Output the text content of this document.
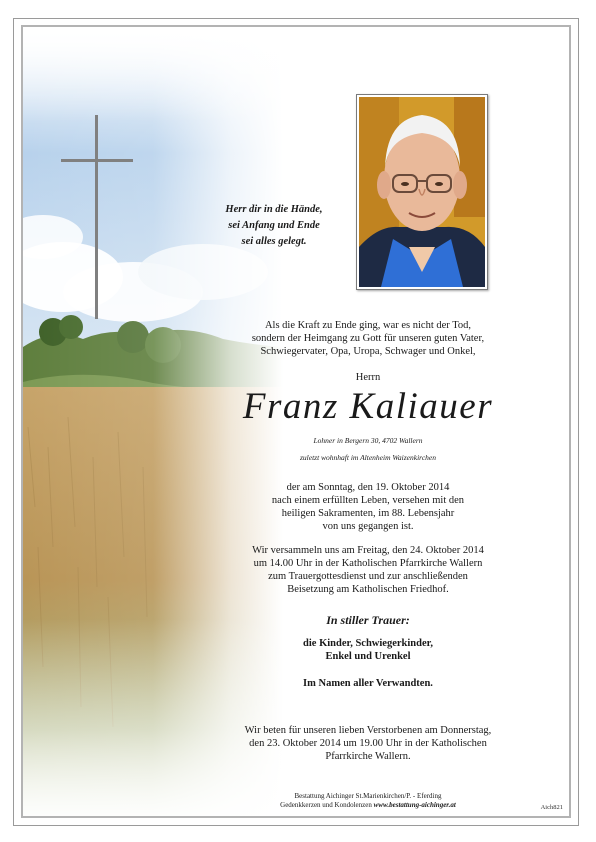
Herr dir in die Hände,
sei Anfang und Ende
sei alles gelegt.
Als die Kraft zu Ende ging, war es nicht der Tod,
sondern der Heimgang zu Gott für unseren guten Vater,
Schwiegervater, Opa, Uropa, Schwager und Onkel,
Herrn
Franz Kaliauer
Lohner in Bergern 30, 4702 Wallern
zuletzt wohnhaft im Altenheim Waizenkirchen
der am Sonntag, den 19. Oktober 2014
nach einem erfüllten Leben, versehen mit den
heiligen Sakramenten, im 88. Lebensjahr
von uns gegangen ist.
Wir versammeln uns am Freitag, den 24. Oktober 2014
um 14.00 Uhr in der Katholischen Pfarrkirche Wallern
zum Trauergottesdienst und zur anschließenden
Beisetzung am Katholischen Friedhof.
In stiller Trauer:
die Kinder, Schwiegerkinder,
Enkel und Urenkel
Im Namen aller Verwandten.
Wir beten für unseren lieben Verstorbenen am Donnerstag,
den 23. Oktober 2014 um 19.00 Uhr in der Katholischen
Pfarrkirche Wallern.
Bestattung Aichinger St.Marienkirchen/P. - Eferding
Gedenkkerzen und Kondolenzen www.bestattung-aichinger.at	Aich821
